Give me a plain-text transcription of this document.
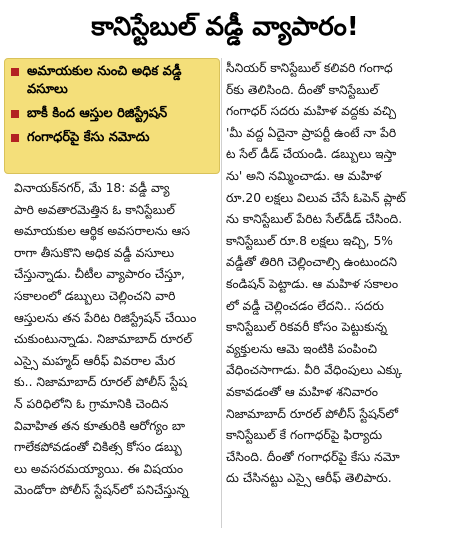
కానిస్టేబుల్ వడ్డీ వ్యాపారం!
అమాయకుల నుంచి అధిక వడ్డీ వసూలు
బాకీ కింద ఆస్తుల రిజిస్ట్రేషన్
గంగాధర్‌పై కేసు నమోదు
వినాయక్‌నగర్, మే 18: వడ్డీ వ్యా
పారి అవతారమెత్తిన ఓ కానిస్టేబుల్
అమాయకుల ఆర్థిక అవసరాలను ఆస
రాగా తీసుకొని అధిక వడ్డీ వసూలు
చేస్తున్నాడు. చీటీల వ్యాపారం చేస్తూ,
సకాలంలో డబ్బులు చెల్లించని వారి
ఆస్తులను తన పేరిట రిజిస్ట్రేషన్ చేయిం
చుకుంటున్నాడు. నిజామాబాద్ రూరల్
ఎస్సై మహ్మద్ ఆరీఫ్ వివరాల మేర
కు.. నిజామాబాద్ రూరల్ పోలీస్ స్టేష
న్ పరిధిలోని ఓ గ్రామానికి చెందిన
వివాహిత తన కూతురికి ఆరోగ్యం బా
గాలేకపోవడంతో చికిత్స కోసం డబ్బు
లు అవసరమయ్యాయి. ఈ విషయం
మెండోరా పోలీస్ స్టేషన్‌లో పనిచేస్తున్న
సీనియర్ కానిస్టేబుల్ కలివరి గంగాధ
ర్‌కు తెలిసింది. దీంతో కానిస్టేబుల్
గంగాధర్ సదరు మహిళ వద్దకు వచ్చి
'మీ వద్ద ఏదైనా ప్రాపర్టీ ఉంటే నా పేరి
ట సేల్ డీడ్ చేయండి. డబ్బులు ఇస్తా
ను' అని నమ్మించాడు. ఆ మహిళ
రూ.20 లక్షలు విలువ చేసే ఓపెన్ ప్లాట్
ను కానిస్టేబుల్ పేరిట సేల్‌డీడ్ చేసింది.
కానిస్టేబుల్ రూ.8 లక్షలు ఇచ్చి, 5%
వడ్డీతో తిరిగి చెల్లించాల్సి ఉంటుందని
కండిషన్ పెట్టాడు. ఆ మహిళ సకాలం
లో వడ్డీ చెల్లించడం లేదని.. సదరు
కానిస్టేబుల్ రికవరీ కోసం పెట్టుకున్న
వ్యక్తులను ఆమె ఇంటికి పంపించి
వేధించసాగాడు. వీరి వేధింపులు ఎక్కు
వకావడంతో ఆ మహిళ శనివారం
నిజామాబాద్ రూరల్ పోలీస్ స్టేషన్‌లో
కానిస్టేబుల్ కే గంగాధర్‌పై ఫిర్యాదు
చేసింది. దీంతో గంగాధర్‌పై కేసు నమో
దు చేసినట్టు ఎస్సై ఆరీఫ్ తెలిపారు.
